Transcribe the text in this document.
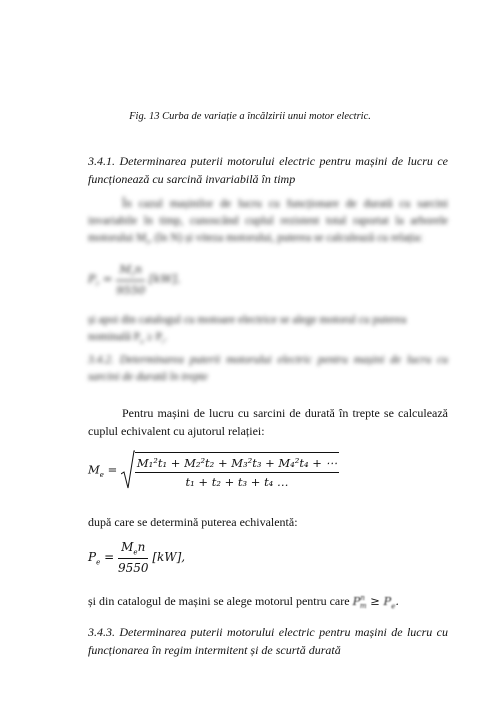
Fig. 13 Curba de variație a încălzirii unui motor electric.
3.4.1. Determinarea puterii motorului electric pentru mașini de lucru ce
funcționează cu sarcină invariabilă în timp
În cazul mașinilor de lucru cu funcționare de durată cu sarcini invariabile în timp, cunoscând cuplul rezistent total raportat la arborele motorului $M_r$, (în N) și viteza motorului, puterea se calculează cu relația:
$P_r = \frac{M_rn}{9550} [kW]$,
și apoi din catalogul cu motoare electrice se alege motorul cu puterea nominală $P_n \ge P_r$.
3.4.2. Determinarea puterii motorului electric pentru mașini de lucru cu
sarcini de durată în trepte
Pentru mașini de lucru cu sarcini de durată în trepte se calculează cuplul echivalent cu ajutorul relației:
$M_e = \frac{\text{M₁²t₁ + M₂²t₂ + M₃²t₃ + M₄²t₄ + ⋯}}{\text{t₁ + t₂ + t₃ + t₄ …}}$
după care se determină puterea echivalentă:
$P_e = \frac{M_en}{9550} [kW]$,
și din catalogul de mașini se alege motorul pentru care $P^n_m \ge P_e$.
3.4.3. Determinarea puterii motorului electric pentru mașini de lucru cu
funcționarea în regim intermitent și de scurtă durată
